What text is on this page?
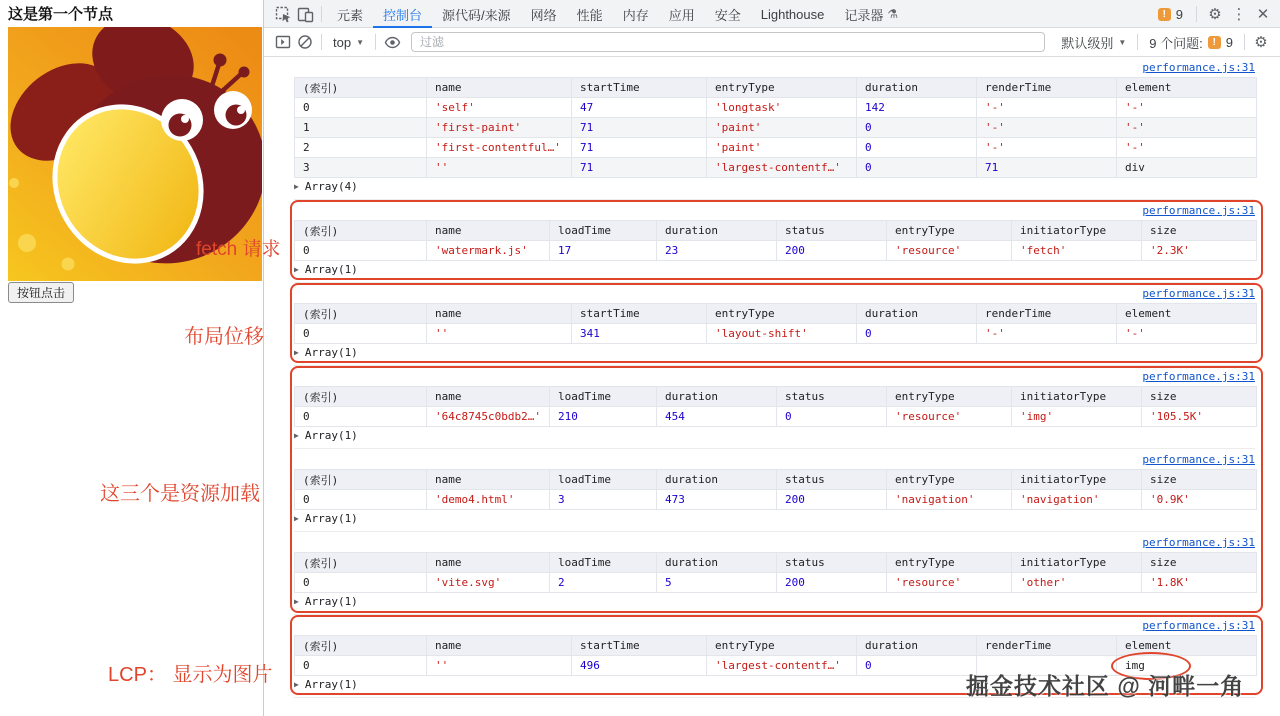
这是第一个节点
按钮点击
元素 控制台 源代码/来源 网络 性能 内存 应用 安全 Lighthouse 记录器 ⚗	! 9 ⚙ ⋮ ✕
top ▼
过滤	默认级别 ▼ 9 个问题: ! 9 ⚙
performance.js:31
(索引)	name	startTime	entryType	duration	renderTime	element
0	'self'	47	'longtask'	142	'-'	'-'
1	'first-paint'	71	'paint'	0	'-'	'-'
2	'first-contentful…'	71	'paint'	0	'-'	'-'
3	''	71	'largest-contentf…'	0	71	div
▶ Array(4)
performance.js:31
(索引)	name	loadTime	duration	status	entryType	initiatorType	size
0	'watermark.js'	17	23	200	'resource'	'fetch'	'2.3K'
▶ Array(1)
performance.js:31
(索引)	name	startTime	entryType	duration	renderTime	element
0	''	341	'layout-shift'	0	'-'	'-'
▶ Array(1)
performance.js:31
(索引)	name	loadTime	duration	status	entryType	initiatorType	size
0	'64c8745c0bdb2…'	210	454	0	'resource'	'img'	'105.5K'
▶ Array(1)
performance.js:31
(索引)	name	loadTime	duration	status	entryType	initiatorType	size
0	'demo4.html'	3	473	200	'navigation'	'navigation'	'0.9K'
▶ Array(1)
performance.js:31
(索引)	name	loadTime	duration	status	entryType	initiatorType	size
0	'vite.svg'	2	5	200	'resource'	'other'	'1.8K'
▶ Array(1)
performance.js:31
(索引)	name	startTime	entryType	duration	renderTime	element
0	''	496	'largest-contentf…'	0		img
▶ Array(1)	掘金技术社区 @ 河畔一角
fetch 请求
布局位移
这三个是资源加载
LCP： 显示为图片
